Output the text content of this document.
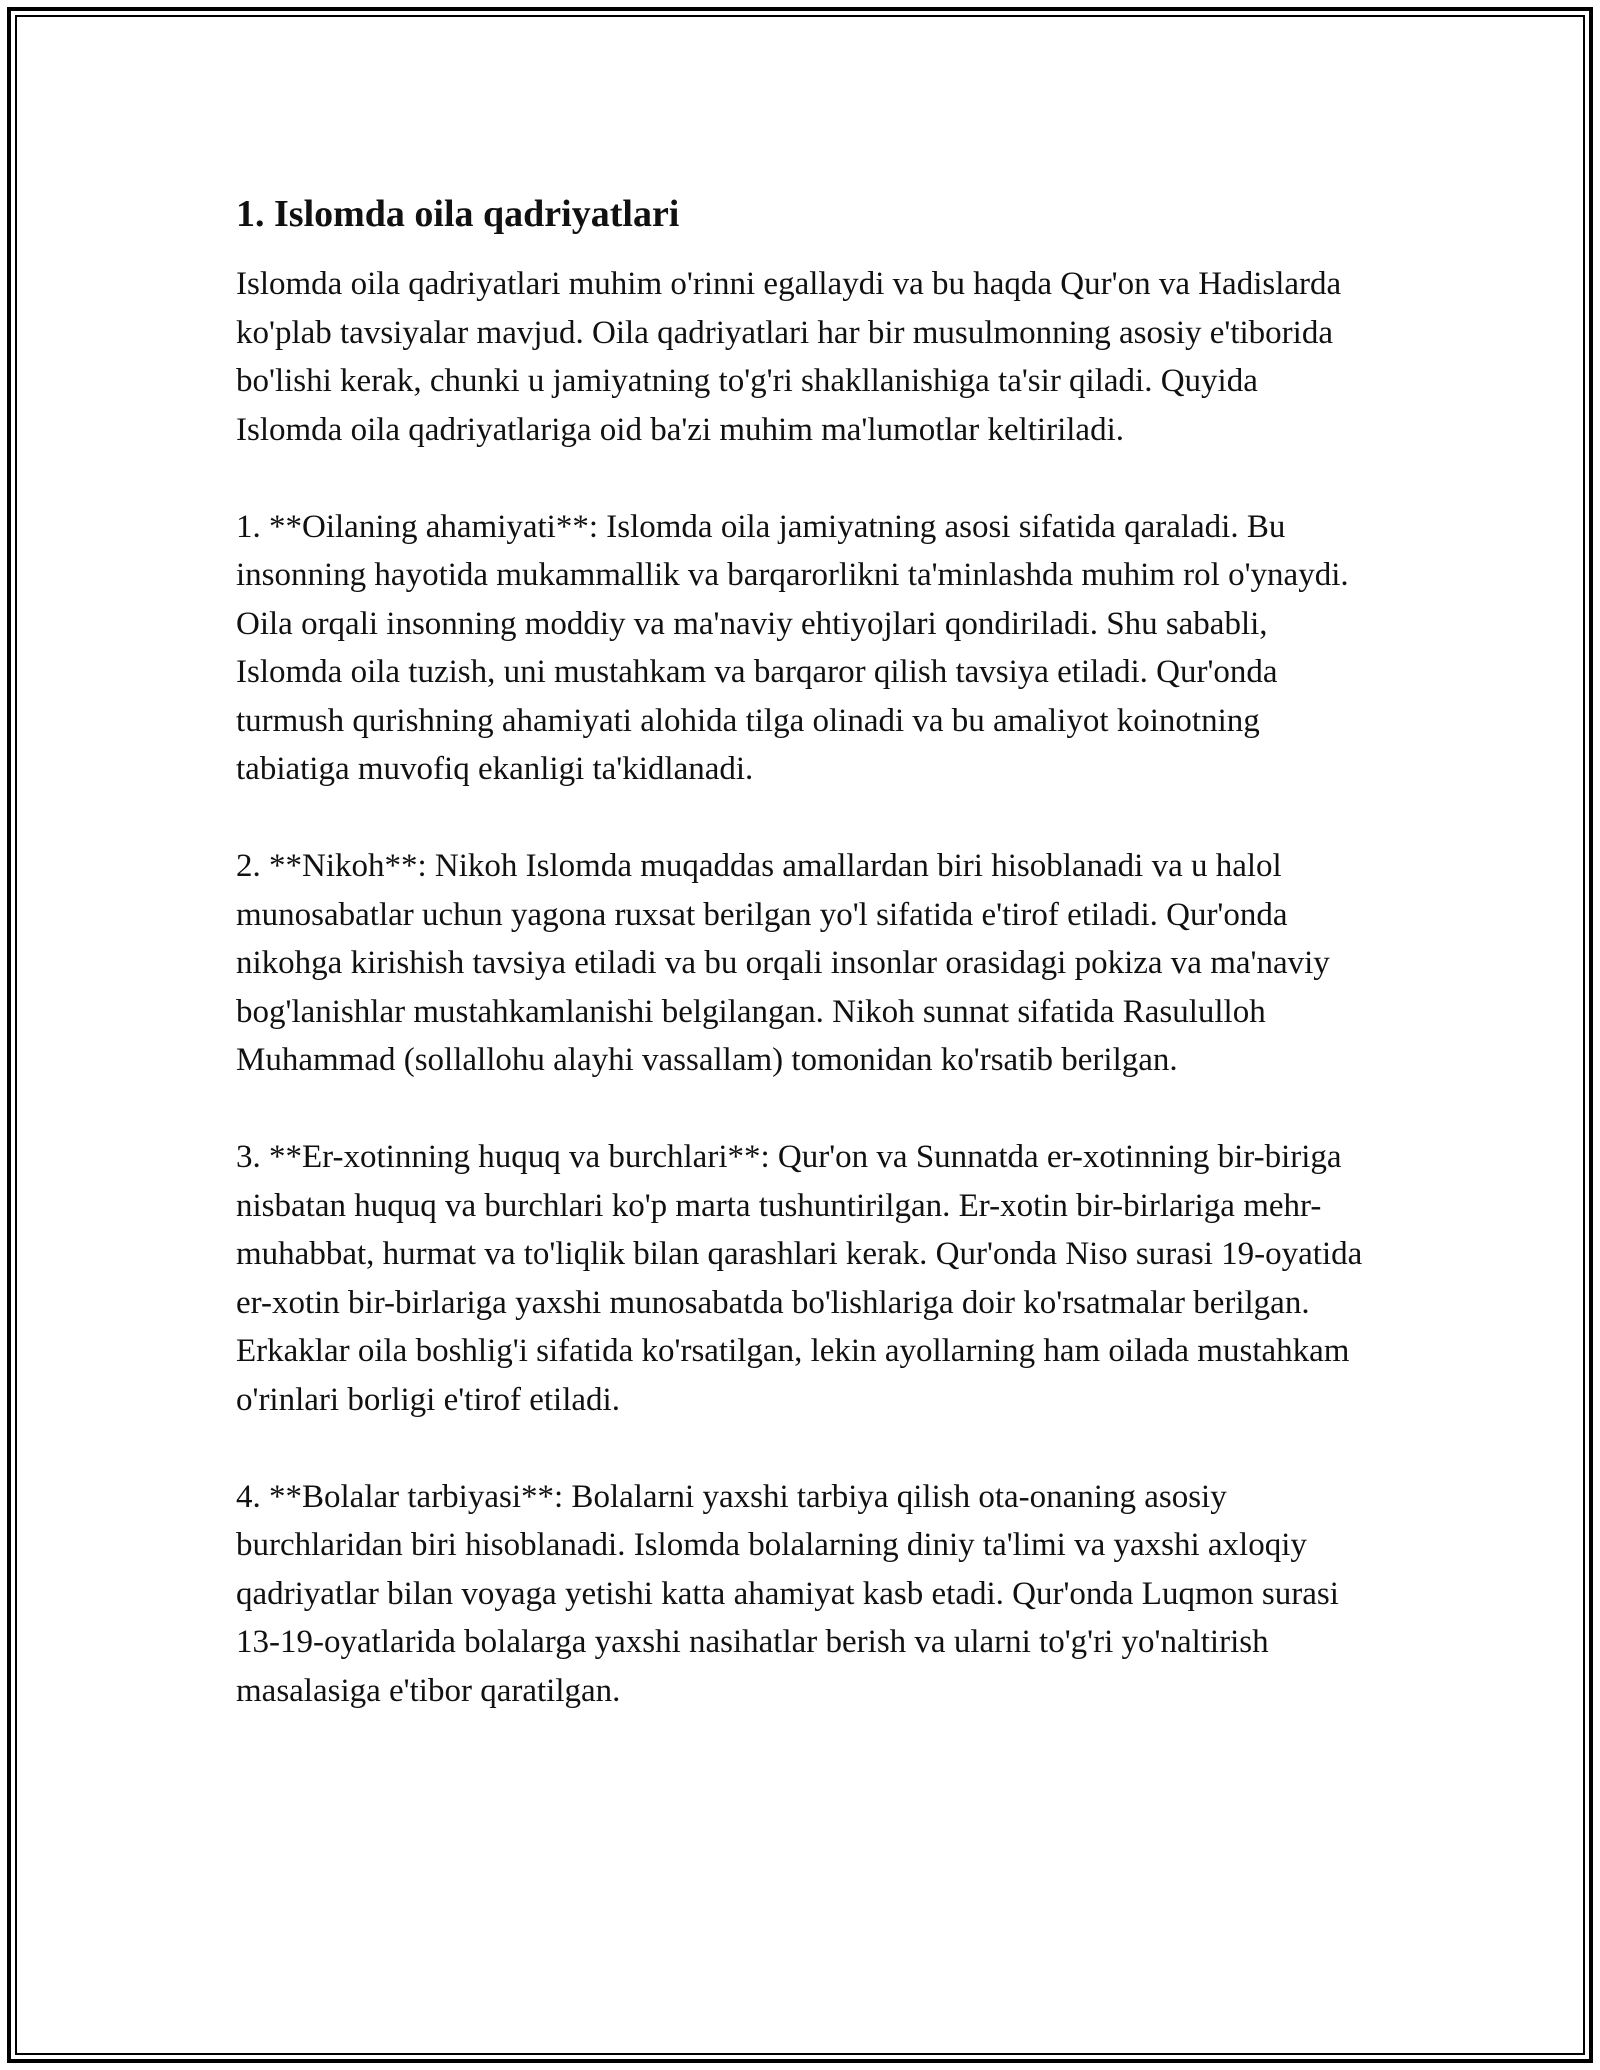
1. Islomda oila qadriyatlari

Islomda oila qadriyatlari muhim o'rinni egallaydi va bu haqda Qur'on va Hadislarda ko'plab tavsiyalar mavjud. Oila qadriyatlari har bir musulmonning asosiy e'tiborida bo'lishi kerak, chunki u jamiyatning to'g'ri shakllanishiga ta'sir qiladi. Quyida Islomda oila qadriyatlariga oid ba'zi muhim ma'lumotlar keltiriladi.

1. **Oilaning ahamiyati**: Islomda oila jamiyatning asosi sifatida qaraladi. Bu insonning hayotida mukammallik va barqarorlikni ta'minlashda muhim rol o'ynaydi. Oila orqali insonning moddiy va ma'naviy ehtiyojlari qondiriladi. Shu sababli, Islomda oila tuzish, uni mustahkam va barqaror qilish tavsiya etiladi. Qur'onda turmush qurishning ahamiyati alohida tilga olinadi va bu amaliyot koinotning tabiatiga muvofiq ekanligi ta'kidlanadi.

2. **Nikoh**: Nikoh Islomda muqaddas amallardan biri hisoblanadi va u halol munosabatlar uchun yagona ruxsat berilgan yo'l sifatida e'tirof etiladi. Qur'onda nikohga kirishish tavsiya etiladi va bu orqali insonlar orasidagi pokiza va ma'naviy bog'lanishlar mustahkamlanishi belgilangan. Nikoh sunnat sifatida Rasululloh Muhammad (sollallohu alayhi vassallam) tomonidan ko'rsatib berilgan.

3. **Er-xotinning huquq va burchlari**: Qur'on va Sunnatda er-xotinning bir-biriga nisbatan huquq va burchlari ko'p marta tushuntirilgan. Er-xotin bir-birlariga mehr-muhabbat, hurmat va to'liqlik bilan qarashlari kerak. Qur'onda Niso surasi 19-oyatida er-xotin bir-birlariga yaxshi munosabatda bo'lishlariga doir ko'rsatmalar berilgan. Erkaklar oila boshlig'i sifatida ko'rsatilgan, lekin ayollarning ham oilada mustahkam o'rinlari borligi e'tirof etiladi.

4. **Bolalar tarbiyasi**: Bolalarni yaxshi tarbiya qilish ota-onaning asosiy burchlaridan biri hisoblanadi. Islomda bolalarning diniy ta'limi va yaxshi axloqiy qadriyatlar bilan voyaga yetishi katta ahamiyat kasb etadi. Qur'onda Luqmon surasi 13-19-oyatlarida bolalarga yaxshi nasihatlar berish va ularni to'g'ri yo'naltirish masalasiga e'tibor qaratilgan.
